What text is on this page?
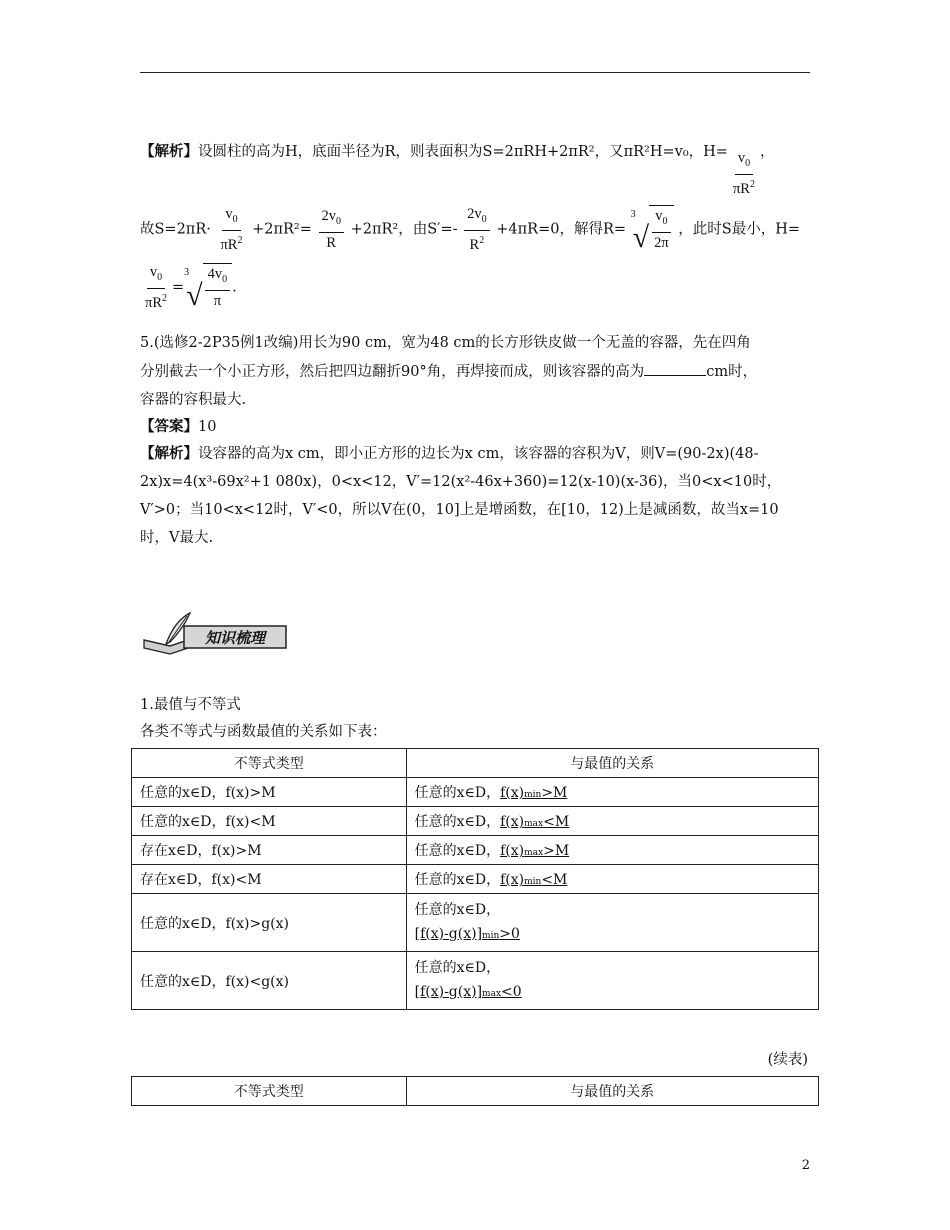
【解析】设圆柱的高为H，底面半径为R，则表面积为S=2πRH+2πR²，又πR²H=v₀，$H= \frac{v_0}{\pi R^2}$ ，
故$S=2\pi R\cdot \frac{v_0}{\pi R^2} +2\pi R^2= \frac{2v_0}{R} +2\pi R^2$，由$S'=- \frac{2v_0}{R^2} +4\pi R=0$，解得R=
3
√ $\frac{v_0}{2\pi}$ ，此时S最小，H=
$\frac{v_0}{\pi R^2}$ =
3
√ $\frac{4v_0}{\pi}$ .
5.(选修2-2P35例1改编)用长为90 cm，宽为48 cm的长方形铁皮做一个无盖的容器，先在四角
分别截去一个小正方形，然后把四边翻折90°角，再焊接而成，则该容器的高为	cm时，
容器的容积最大.
【答案】10
【解析】设容器的高为x cm，即小正方形的边长为x cm，该容器的容积为V，则V=(90-2x)(48-
2x)x=4(x³-69x²+1 080x)，0<x<12，V′=12(x²-46x+360)=12(x-10)(x-36)，当0<x<10时，
V′>0；当10<x<12时，V′<0，所以V在(0，10]上是增函数，在[10，12)上是减函数，故当x=10
时，V最大.
知识梳理
1.最值与不等式
各类不等式与函数最值的关系如下表：
不等式类型	与最值的关系
任意的x∈D，f(x)>M	任意的x∈D，f(x)min>M
任意的x∈D，f(x)<M	任意的x∈D，f(x)max<M
存在x∈D，f(x)>M	任意的x∈D，f(x)max>M
存在x∈D，f(x)<M	任意的x∈D，f(x)min<M
任意的x∈D，f(x)>g(x)	任意的x∈D，
[f(x)-g(x)]min>0
任意的x∈D，f(x)<g(x)	任意的x∈D，
[f(x)-g(x)]max<0
(续表)
不等式类型	与最值的关系
2
